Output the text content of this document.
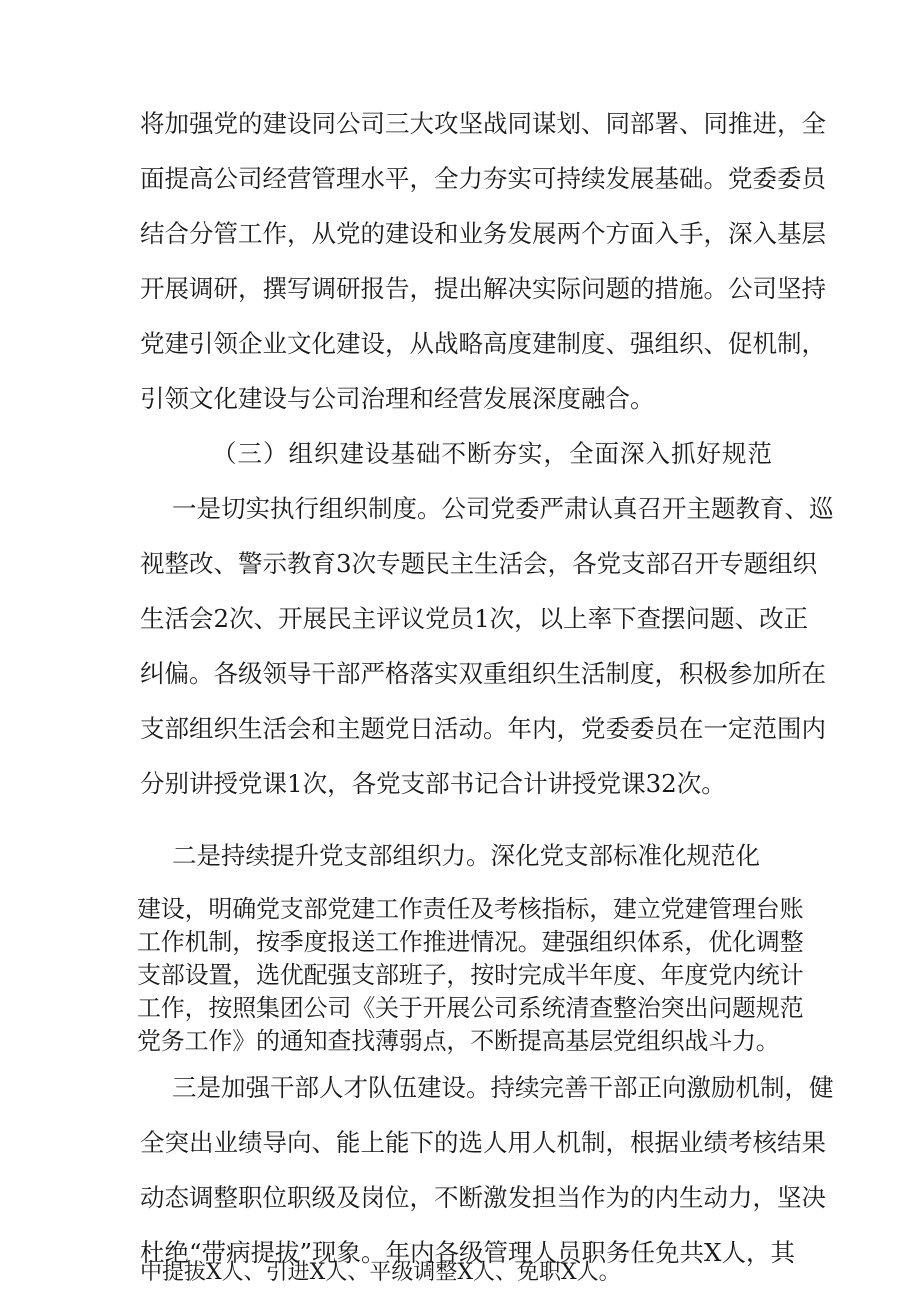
将加强党的建设同公司三大攻坚战同谋划、同部署、同推进，全
面提高公司经营管理水平，全力夯实可持续发展基础。党委委员
结合分管工作，从党的建设和业务发展两个方面入手，深入基层
开展调研，撰写调研报告，提出解决实际问题的措施。公司坚持
党建引领企业文化建设，从战略高度建制度、强组织、促机制，
引领文化建设与公司治理和经营发展深度融合。
（三）组织建设基础不断夯实，全面深入抓好规范
一是切实执行组织制度。公司党委严肃认真召开主题教育、巡
视整改、警示教育3次专题民主生活会，各党支部召开专题组织
生活会2次、开展民主评议党员1次，以上率下查摆问题、改正
纠偏。各级领导干部严格落实双重组织生活制度，积极参加所在
支部组织生活会和主题党日活动。年内，党委委员在一定范围内
分别讲授党课1次，各党支部书记合计讲授党课32次。
二是持续提升党支部组织力。深化党支部标准化规范化
建设，明确党支部党建工作责任及考核指标，建立党建管理台账
工作机制，按季度报送工作推进情况。建强组织体系，优化调整
支部设置，选优配强支部班子，按时完成半年度、年度党内统计
工作，按照集团公司《关于开展公司系统清查整治突出问题规范
党务工作》的通知查找薄弱点，不断提高基层党组织战斗力。
三是加强干部人才队伍建设。持续完善干部正向激励机制，健
全突出业绩导向、能上能下的选人用人机制，根据业绩考核结果
动态调整职位职级及岗位，不断激发担当作为的内生动力，坚决
杜绝“带病提拔”现象。年内各级管理人员职务任免共X人，其
中提拔X人、引进X人、平级调整X人、免职X人。
